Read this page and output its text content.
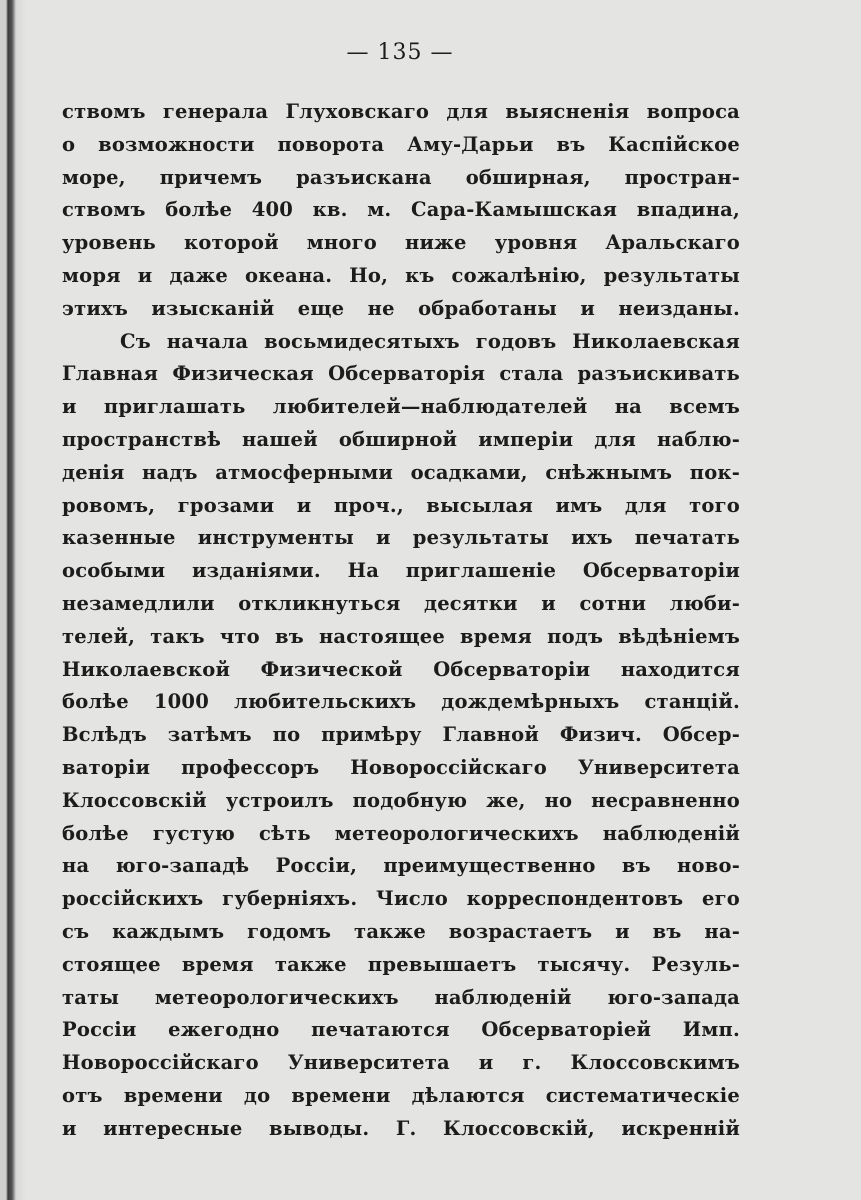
— 135 —
ствомъ генерала Глуховскаго для выясненія вопроса
о возможности поворота Аму-Дарьи въ Каспійское
море, причемъ разъискана обширная, простран-
ствомъ болѣе 400 кв. м. Сара-Камышская впадина,
уровень которой много ниже уровня Аральскаго
моря и даже океана. Но, къ сожалѣнію, результаты
этихъ изысканій еще не обработаны и неизданы.
Съ начала восьмидесятыхъ годовъ Николаевская
Главная Физическая Обсерваторія стала разъискивать
и приглашать любителей—наблюдателей на всемъ
пространствѣ нашей обширной имперіи для наблю-
денія надъ атмосферными осадками, снѣжнымъ пок-
ровомъ, грозами и проч., высылая имъ для того
казенные инструменты и результаты ихъ печатать
особыми изданіями. На приглашеніе Обсерваторіи
незамедлили откликнуться десятки и сотни люби-
телей, такъ что въ настоящее время подъ вѣдѣніемъ
Николаевской Физической Обсерваторіи находится
болѣе 1000 любительскихъ дождемѣрныхъ станцій.
Вслѣдъ затѣмъ по примѣру Главной Физич. Обсер-
ваторіи профессоръ Новороссійскаго Университета
Клоссовскій устроилъ подобную же, но несравненно
болѣе густую сѣть метеорологическихъ наблюденій
на юго-западѣ Россіи, преимущественно въ ново-
россійскихъ губерніяхъ. Число корреспондентовъ его
съ каждымъ годомъ также возрастаетъ и въ на-
стоящее время также превышаетъ тысячу. Резуль-
таты метеорологическихъ наблюденій юго-запада
Россіи ежегодно печатаются Обсерваторіей Имп.
Новороссійскаго Университета и г. Клоссовскимъ
отъ времени до времени дѣлаются систематическіе
и интересные выводы. Г. Клоссовскій, искренній
